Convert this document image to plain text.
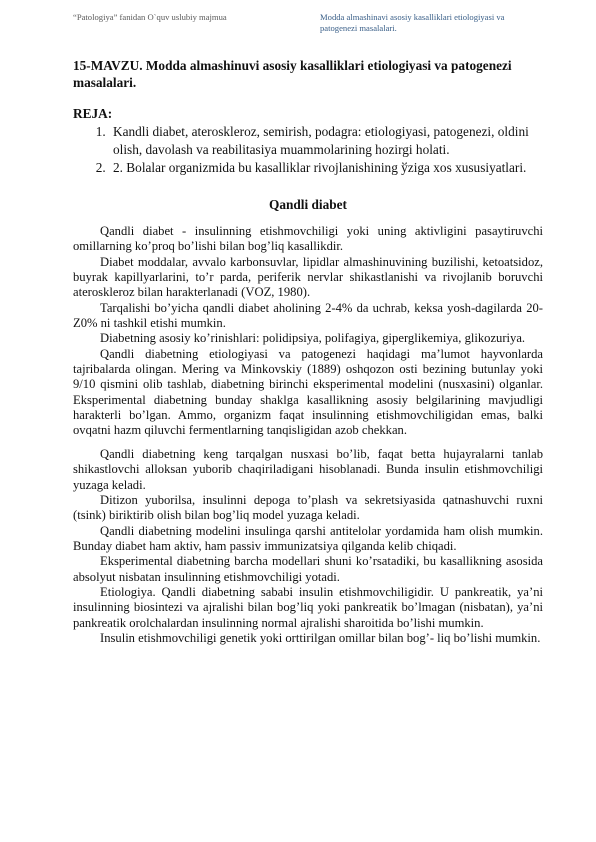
“Patologiya” fanidan O`quv uslubiy majmua	Modda almashinavi asosiy kasalliklari etiologiyasi va patogenezi masalalari.
15-MAVZU. Modda almashinuvi asosiy kasalliklari etiologiyasi va patogenezi masalalari.
REJA:
1. Kandli diabet, ateroskleroz, semirish, podagra: etiologiyasi, patogenezi, oldini olish, davolash va reabilitasiya muammolarining hozirgi holati.
2. 2. Bolalar organizmida bu kasalliklar rivojlanishining ўziga xos xususiyatlari.
Qandli diabet

Qandli diabet - insulinning etishmovchiligi yoki uning aktivligini pasaytiruvchi omillarning ko’proq bo’lishi bilan bog’liq kasallikdir.

Diabet moddalar, avvalo karbonsuvlar, lipidlar almashinuvining buzilishi, ketoatsidoz, buyrak kapillyarlarini, to’r parda, periferik nervlar shikastlanishi va rivojlanib boruvchi ateroskleroz bilan harakterlanadi (VOZ, 1980).

Tarqalishi bo’yicha qandli diabet aholining 2-4% da uchrab, keksa yosh-dagilarda 20-Z0% ni tashkil etishi mumkin.

Diabetning asosiy ko’rinishlari: polidipsiya, polifagiya, giperglikemiya, glikozuriya.

Qandli diabetning etiologiyasi va patogenezi haqidagi ma’lumot hayvonlarda tajribalarda olingan. Mering va Minkovskiy (1889) oshqozon osti bezining butunlay yoki 9/10 qismini olib tashlab, diabetning birinchi eksperimental modelini (nusxasini) olganlar. Eksperimental diabetning bunday shaklga kasallikning asosiy belgilarining mavjudligi harakterli bo’lgan. Ammo, organizm faqat insulinning etishmovchiligidan emas, balki ovqatni hazm qiluvchi fermentlarning tanqisligidan azob chekkan.

Qandli diabetning keng tarqalgan nusxasi bo’lib, faqat betta hujayralarni tanlab shikastlovchi alloksan yuborib chaqiriladigani hisoblanadi. Bunda insulin etishmovchiligi yuzaga keladi.

Ditizon yuborilsa, insulinni depoga to’plash va sekretsiyasida qatnashuvchi ruxni (tsink) biriktirib olish bilan bog’liq model yuzaga keladi.

Qandli diabetning modelini insulinga qarshi antitelolar yordamida ham olish mumkin. Bunday diabet ham aktiv, ham passiv immunizatsiya qilganda kelib chiqadi.

Eksperimental diabetning barcha modellari shuni ko’rsatadiki, bu kasallikning asosida absolyut nisbatan insulinning etishmovchiligi yotadi.

Etiologiya. Qandli diabetning sababi insulin etishmovchiligidir. U pankreatik, ya’ni insulinning biosintezi va ajralishi bilan bog’liq yoki pankreatik bo’lmagan (nisbatan), ya’ni pankreatik orolchalardan insulinning normal ajralishi sharoitida bo’lishi mumkin.

Insulin etishmovchiligi genetik yoki orttirilgan omillar bilan bog’- liq bo’lishi mumkin.
